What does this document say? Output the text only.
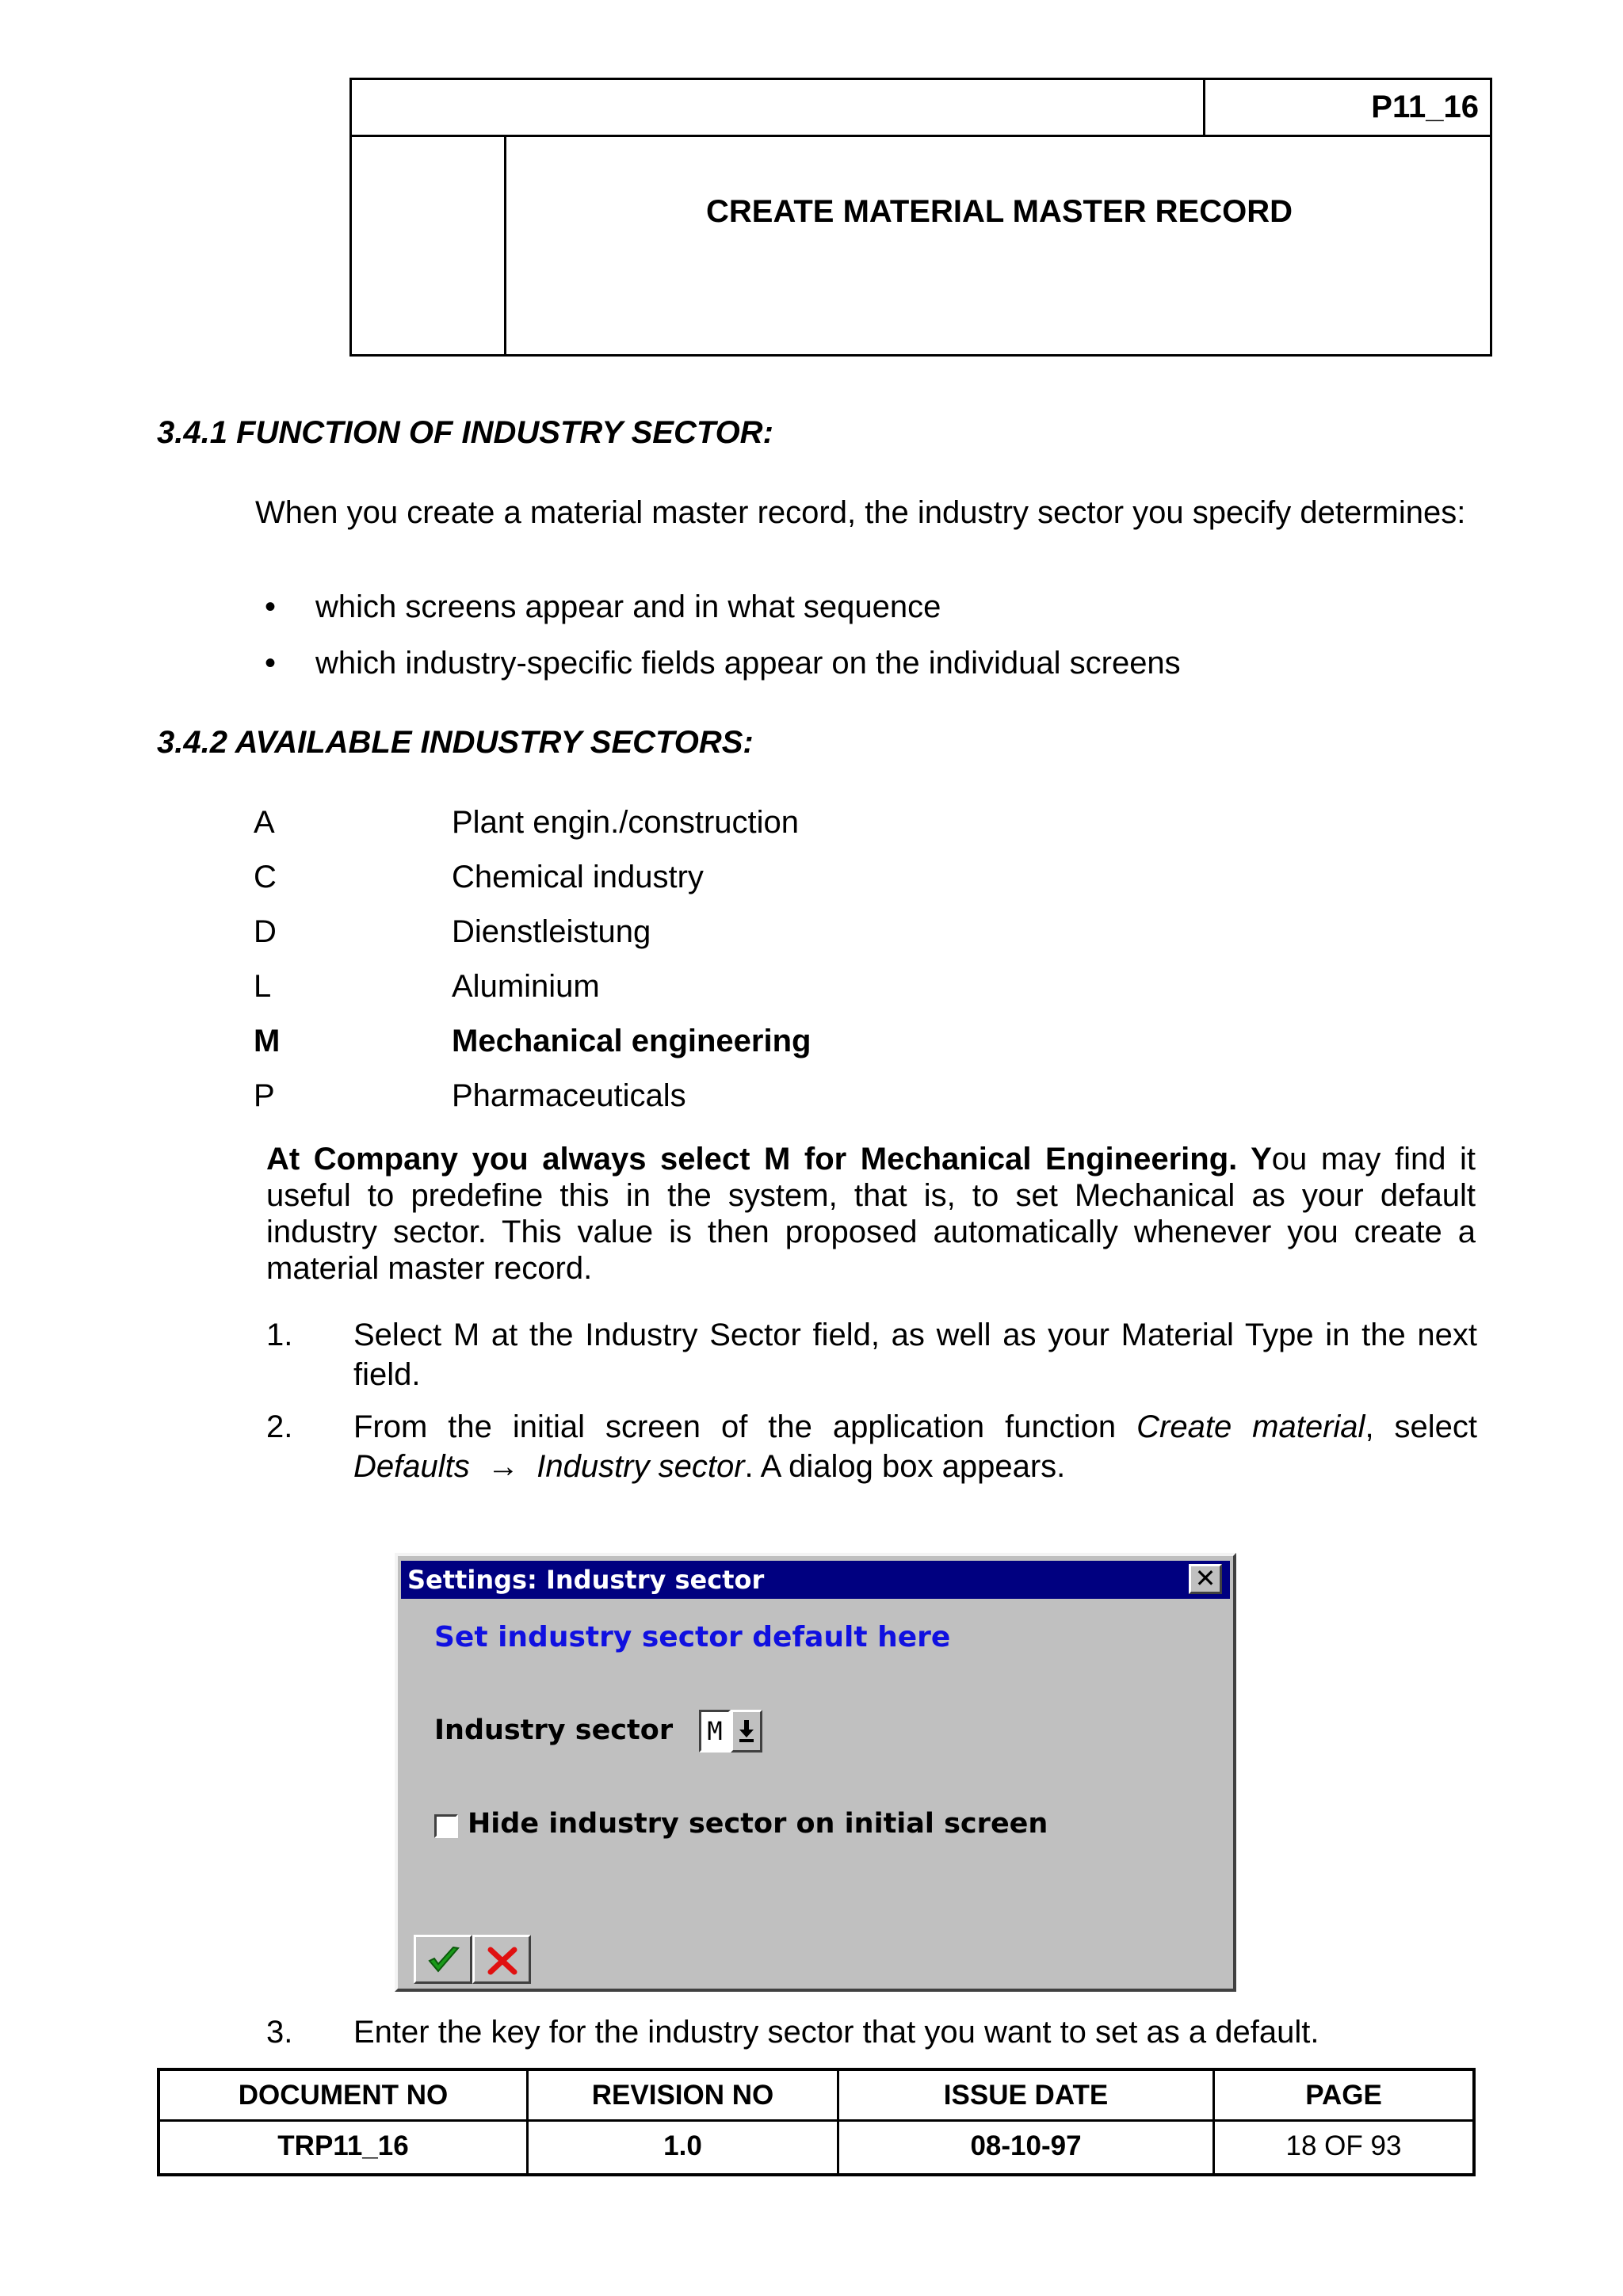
P11_16
CREATE MATERIAL MASTER RECORD
3.4.1 FUNCTION OF INDUSTRY SECTOR:
When you create a material master record, the industry sector you specify determines:
• which screens appear and in what sequence
• which industry-specific fields appear on the individual screens
3.4.2 AVAILABLE INDUSTRY SECTORS:
A	Plant engin./construction
C	Chemical industry
D	Dienstleistung
L	Aluminium
M	Mechanical engineering
P	Pharmaceuticals
At Company you always select M for Mechanical Engineering. You may find it useful to predefine this in the system, that is, to set Mechanical as your default industry sector. This value is then proposed automatically whenever you create a material master record.
1. Select M at the Industry Sector field, as well as your Material Type in the next field.
2. From the initial screen of the application function Create material, select Defaults → Industry sector. A dialog box appears.
Settings: Industry sector	✕
Set industry sector default here
Industry sector	M
Hide industry sector on initial screen
3. Enter the key for the industry sector that you want to set as a default.
DOCUMENT NO	REVISION NO	ISSUE DATE	PAGE
TRP11_16	1.0	08-10-97	18 OF 93
